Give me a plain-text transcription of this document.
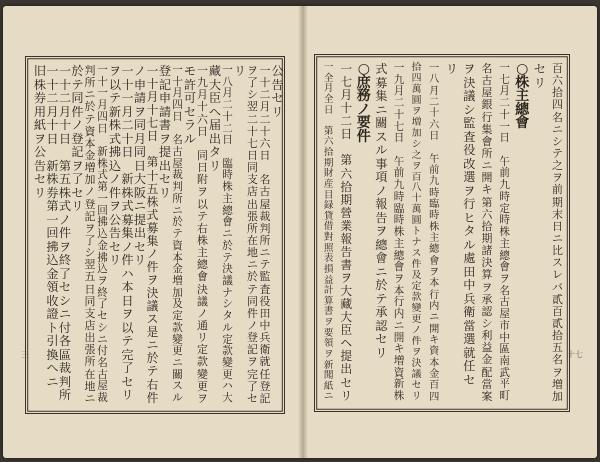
公
告
セ
リ
一
十
二
月
二
十
六
日

名
古
屋
裁
判
所
ニ
テ
監
査
役
田
中
兵
衛
就
任
登
記
ヲ
了
シ
翌
二
十
七
日
同
支
店
出
張
所
在
地
ニ
於
テ
同
件
ノ
登
記
ヲ
完
了
セ
リ
一
八
月
二
十
二
日

臨
時
株
主
總
會
ニ
於
テ
決
議
ナ
シ
タ
ル
定
款
變
更
ハ
大
藏
大
臣
ヘ
届
出
タ
リ
一
九
月
十
六
日

同
日
附
ヲ
以
テ
右
株
主
總
會
決
議
ノ
通
リ
定
款
變
更
ヲ
モ
許
可
セ
ラ
ル
一
十
月
四
日

名
古
屋
裁
判
所
ニ
於
テ
資
本
金
増
加
及
定
款
變
更
ニ
關
ス
ル
登
記
申
請
書
ヲ
提
出
セ
リ
一
十
月
十
七
日

第
十
五
株
式
募
集
ノ
件
ヲ
決
議
ス
是
ニ
於
テ
右
件
ノ
申
請
ヲ
同
月
同
日
大
阪
ニ
提
出
セ
リ
一
十
一
月
二
十
日

新
株
式
募
集
ノ
件
ハ
本
日
ヲ
以
テ
完
了
セ
リ
ヲ
以
テ
新
株
式
拂
込
ノ
件
ヲ
公
告
セ
リ
一
十
一
月
四
日

新
株
式
第
一
回
拂
込
金
拂
込
ヲ
終
了
セ
シ
ニ
付
名
古
屋
裁
判
所
ニ
於
テ
資
本
金
増
加
ノ
登
記
ヲ
了
シ
翌
五
日
同
支
店
出
張
所
在
地
ニ
於
テ
同
件
ノ
登
記
ヲ
了
セ
リ
一
十
二
月
十
日

第
五
株
式
ノ
件
ヲ
終
了
セ
シ
ニ
付
各
區
裁
判
所
一
十
二
月
十
日

新
株
券
第
一
回
拂
込
金
領
收
證
ト
引
換
ヘ
ニ
旧
株
券
用
紙
ヲ
公
告
セ
リ
三
百
六
拾
四
名
ニ
シ
テ
之
ヲ
前
期
末
日
ニ
比
ス
レ
バ
貳
百
貳
拾
五
名
ヲ
増
加
セ
リ
○
株
主
總
會
一
七
月
二
十
一
日

午
前
九
時
定
時
株
主
總
會
ヲ
名
古
屋
市
中
區
南
武
平
町
名
古
屋
銀
行
集
會
所
ニ
開
キ
第
六
拾
期
諸
決
算
ヲ
承
認
シ
利
益
金
配
當
案
ヲ
決
議
シ
監
査
役
改
選
ヲ
行
ヒ
タ
ル
處
田
中
兵
衛
當
選
就
任
セ
リ
一
八
月
二
十
六
日

午
前
九
時
臨
時
株
主
總
會
ヲ
本
行
内
ニ
開
キ
資
本
金
百
四
拾
四
萬
圓
ヲ
増
加
シ
之
ヲ
百
八
十
萬
圓
ト
ナ
ス
件
及
定
款
變
更
ノ
件
ヲ
決
議
セ
リ
一
九
月
二
十
七
日

午
前
九
時
臨
時
株
主
總
會
ヲ
本
行
内
ニ
開
キ
増
資
新
株
式
募
集
ニ
關
ス
ル
事
項
ノ
報
告
ヲ
總
會
ニ
於
テ
承
認
セ
リ
○
庶
務
ノ
要
件
一
七
月
十
二
日

第
六
拾
期
營
業
報
告
書
ヲ
大
藏
大
臣
ヘ
提
出
セ
リ
一
全
月
全
日

第
六
拾
期
財
産
目
録
貸
借
對
照
表
損
益
計
算
書
ヲ
要
領
ヲ
新
聞
紙
ニ
十七
